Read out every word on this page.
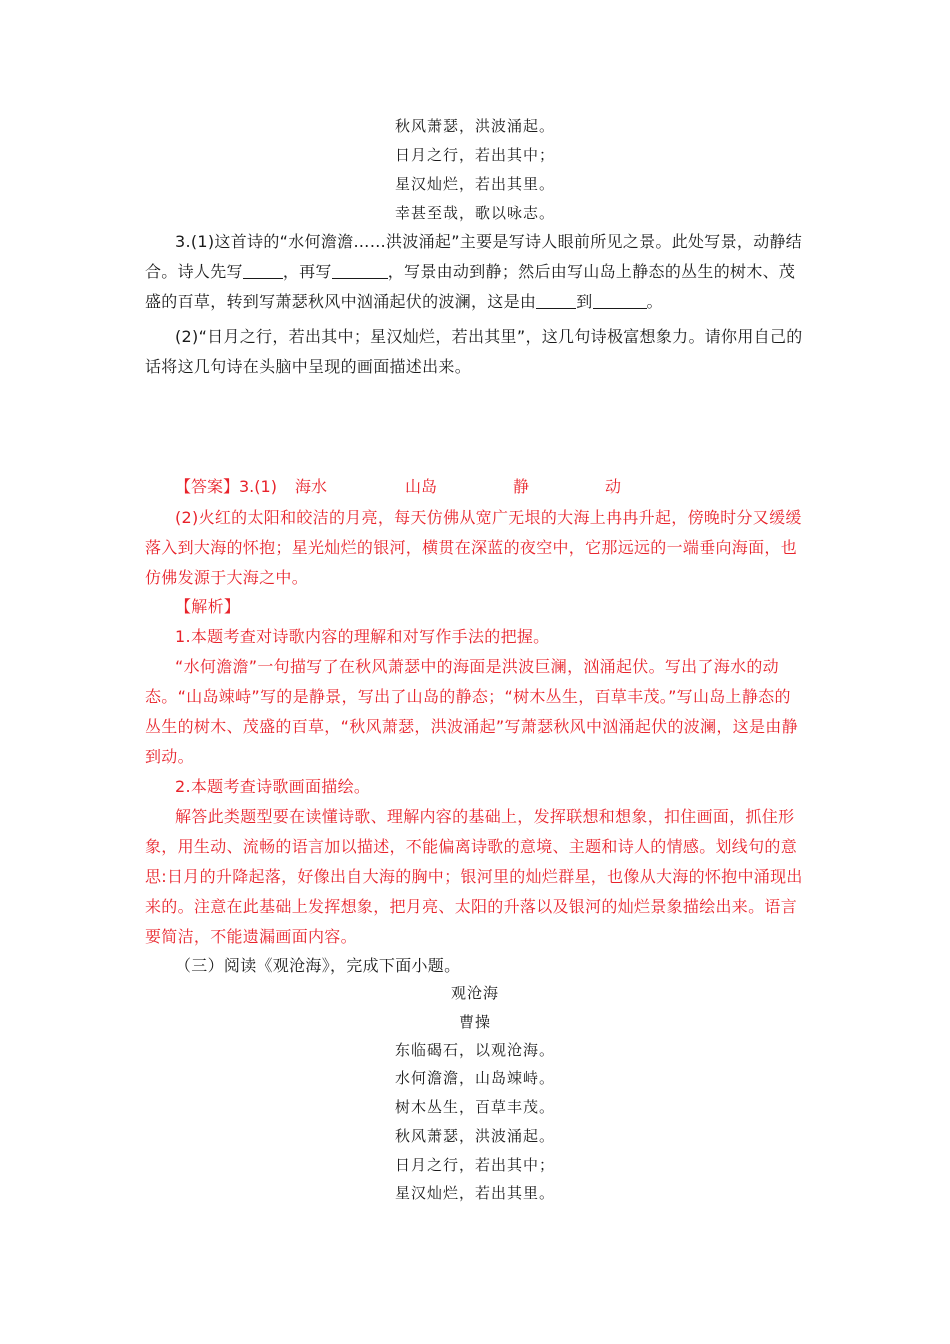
秋风萧瑟，洪波涌起。
日月之行，若出其中；
星汉灿烂，若出其里。
幸甚至哉，歌以咏志。

3.(1)这首诗的“水何澹澹……洪波涌起”主要是写诗人眼前所见之景。此处写景，动静结合。诗人先写	，再写	，写景由动到静；然后由写山岛上静态的丛生的树木、茂盛的百草，转到写萧瑟秋风中汹涌起伏的波澜，这是由	到	。

(2)“日月之行，若出其中；星汉灿烂，若出其里”，这几句诗极富想象力。请你用自己的话将这几句诗在头脑中呈现的画面描述出来。

【答案】3.(1) 海水	山岛	静	动

(2)火红的太阳和皎洁的月亮，每天仿佛从宽广无垠的大海上冉冉升起，傍晚时分又缓缓落入到大海的怀抱；星光灿烂的银河，横贯在深蓝的夜空中，它那远远的一端垂向海面，也仿佛发源于大海之中。

【解析】

1.本题考查对诗歌内容的理解和对写作手法的把握。

“水何澹澹”一句描写了在秋风萧瑟中的海面是洪波巨澜，汹涌起伏。写出了海水的动态。“山岛竦峙”写的是静景，写出了山岛的静态；“树木丛生，百草丰茂。”写山岛上静态的丛生的树木、茂盛的百草，“秋风萧瑟，洪波涌起”写萧瑟秋风中汹涌起伏的波澜，这是由静到动。

2.本题考查诗歌画面描绘。

解答此类题型要在读懂诗歌、理解内容的基础上，发挥联想和想象，扣住画面，抓住形象，用生动、流畅的语言加以描述，不能偏离诗歌的意境、主题和诗人的情感。划线句的意思:日月的升降起落，好像出自大海的胸中；银河里的灿烂群星，也像从大海的怀抱中涌现出来的。注意在此基础上发挥想象，把月亮、太阳的升落以及银河的灿烂景象描绘出来。语言要简洁，不能遗漏画面内容。

（三）阅读《观沧海》，完成下面小题。

观沧海
曹操
东临碣石，以观沧海。
水何澹澹，山岛竦峙。
树木丛生，百草丰茂。
秋风萧瑟，洪波涌起。
日月之行，若出其中；
星汉灿烂，若出其里。
